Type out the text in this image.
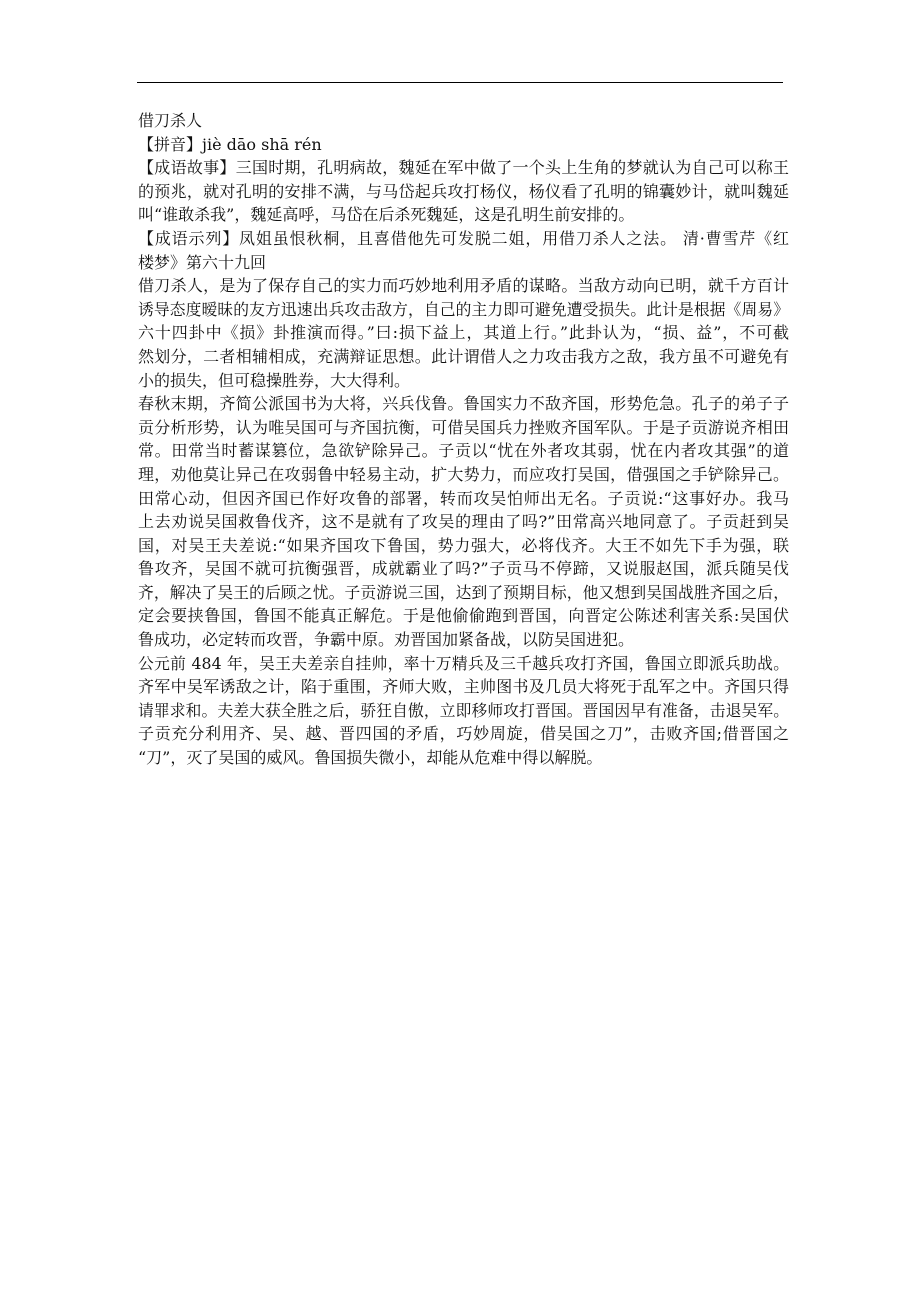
借刀杀人
【拼音】jiè dāo shā rén
【成语故事】三国时期，孔明病故，魏延在军中做了一个头上生角的梦就认为自己可以称王
的预兆，就对孔明的安排不满，与马岱起兵攻打杨仪，杨仪看了孔明的锦囊妙计，就叫魏延
叫“谁敢杀我”，魏延高呼，马岱在后杀死魏延，这是孔明生前安排的。
【成语示列】凤姐虽恨秋桐，且喜借他先可发脱二姐，用借刀杀人之法。 清·曹雪芹《红
楼梦》第六十九回
借刀杀人，是为了保存自己的实力而巧妙地利用矛盾的谋略。当敌方动向已明，就千方百计
诱导态度暧昧的友方迅速出兵攻击敌方，自己的主力即可避免遭受损失。此计是根据《周易》
六十四卦中《损》卦推演而得。”曰:损下益上，其道上行。”此卦认为，“损、益”，不可截
然划分，二者相辅相成，充满辩证思想。此计谓借人之力攻击我方之敌，我方虽不可避免有
小的损失，但可稳操胜券，大大得利。
春秋末期，齐简公派国书为大将，兴兵伐鲁。鲁国实力不敌齐国，形势危急。孔子的弟子子
贡分析形势，认为唯吴国可与齐国抗衡，可借吴国兵力挫败齐国军队。于是子贡游说齐相田
常。田常当时蓄谋篡位，急欲铲除异己。子贡以“忧在外者攻其弱，忧在内者攻其强”的道
理，劝他莫让异己在攻弱鲁中轻易主动，扩大势力，而应攻打吴国，借强国之手铲除异己。
田常心动，但因齐国已作好攻鲁的部署，转而攻吴怕师出无名。子贡说:“这事好办。我马
上去劝说吴国救鲁伐齐，这不是就有了攻吴的理由了吗?”田常高兴地同意了。子贡赶到吴
国，对吴王夫差说:“如果齐国攻下鲁国，势力强大，必将伐齐。大王不如先下手为强，联
鲁攻齐，吴国不就可抗衡强晋，成就霸业了吗?”子贡马不停蹄，又说服赵国，派兵随吴伐
齐，解决了吴王的后顾之忧。子贡游说三国，达到了预期目标，他又想到吴国战胜齐国之后，
定会要挟鲁国，鲁国不能真正解危。于是他偷偷跑到晋国，向晋定公陈述利害关系:吴国伏
鲁成功，必定转而攻晋，争霸中原。劝晋国加紧备战，以防吴国进犯。
公元前 484 年，吴王夫差亲自挂帅，率十万精兵及三千越兵攻打齐国，鲁国立即派兵助战。
齐军中吴军诱敌之计，陷于重围，齐师大败，主帅图书及几员大将死于乱军之中。齐国只得
请罪求和。夫差大获全胜之后，骄狂自傲，立即移师攻打晋国。晋国因早有准备，击退吴军。
子贡充分利用齐、吴、越、晋四国的矛盾，巧妙周旋，借吴国之刀”，击败齐国;借晋国之
“刀”，灭了吴国的威风。鲁国损失微小，却能从危难中得以解脱。
